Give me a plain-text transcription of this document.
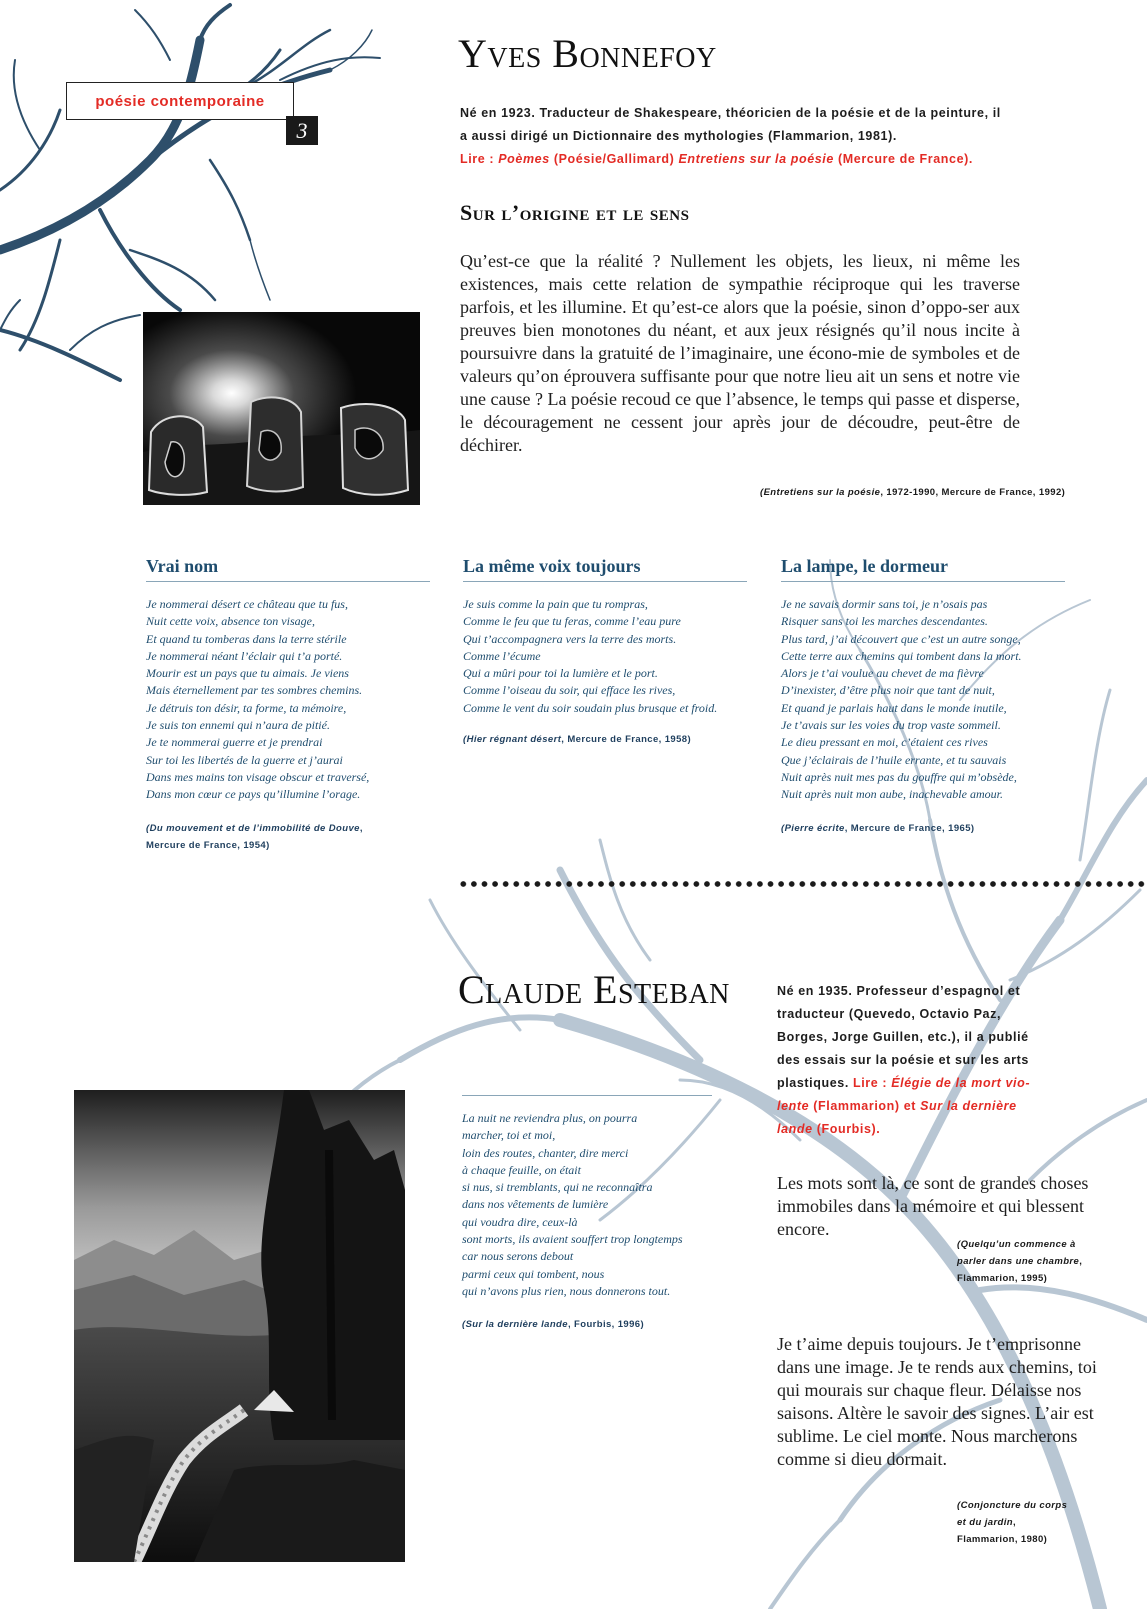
poésie contemporaine
3
Yves Bonnefoy
Né en 1923. Traducteur de Shakespeare, théoricien de la poésie et de la peinture, il
a aussi dirigé un Dictionnaire des mythologies (Flammarion, 1981).
Lire : Poèmes (Poésie/Gallimard) Entretiens sur la poésie (Mercure de France).
Sur l’origine et le sens
Qu’est-ce que la réalité ? Nullement les objets, les lieux, ni même les existences, mais cette relation de sympathie réciproque qui les traverse parfois, et les illumine. Et qu’est-ce alors que la poésie, sinon d’oppo-ser aux preuves bien monotones du néant, et aux jeux résignés qu’il nous incite à poursuivre dans la gratuité de l’imaginaire, une écono-mie de symboles et de valeurs qu’on éprouvera suffisante pour que notre lieu ait un sens et notre vie une cause ? La poésie recoud ce que l’absence, le temps qui passe et disperse, le découragement ne cessent jour après jour de découdre, peut-être de déchirer.
(Entretiens sur la poésie, 1972-1990, Mercure de France, 1992)
Vrai nom
Je nommerai désert ce château que tu fus,
Nuit cette voix, absence ton visage,
Et quand tu tomberas dans la terre stérile
Je nommerai néant l’éclair qui t’a porté.
Mourir est un pays que tu aimais. Je viens
Mais éternellement par tes sombres chemins.
Je détruis ton désir, ta forme, ta mémoire,
Je suis ton ennemi qui n’aura de pitié.
Je te nommerai guerre et je prendrai
Sur toi les libertés de la guerre et j’aurai
Dans mes mains ton visage obscur et traversé,
Dans mon cœur ce pays qu’illumine l’orage.
(Du mouvement et de l’immobilité de Douve,
Mercure de France, 1954)
La même voix toujours
Je suis comme la pain que tu rompras,
Comme le feu que tu feras, comme l’eau pure
Qui t’accompagnera vers la terre des morts.
Comme l’écume
Qui a mûri pour toi la lumière et le port.
Comme l’oiseau du soir, qui efface les rives,
Comme le vent du soir soudain plus brusque et froid.
(Hier régnant désert, Mercure de France, 1958)
La lampe, le dormeur
Je ne savais dormir sans toi, je n’osais pas
Risquer sans toi les marches descendantes.
Plus tard, j’ai découvert que c’est un autre songe,
Cette terre aux chemins qui tombent dans la mort.
Alors je t’ai voulue au chevet de ma fièvre
D’inexister, d’être plus noir que tant de nuit,
Et quand je parlais haut dans le monde inutile,
Je t’avais sur les voies du trop vaste sommeil.
Le dieu pressant en moi, c’étaient ces rives
Que j’éclairais de l’huile errante, et tu sauvais
Nuit après nuit mes pas du gouffre qui m’obsède,
Nuit après nuit mon aube, inachevable amour.
(Pierre écrite, Mercure de France, 1965)
Claude Esteban	Né en 1935. Professeur d’espagnol et
traducteur (Quevedo, Octavio Paz,
Borges, Jorge Guillen, etc.), il a publié
des essais sur la poésie et sur les arts
plastiques. Lire : Élégie de la mort vio-
lente (Flammarion) et Sur la dernière
lande (Fourbis).
La nuit ne reviendra plus, on pourra
marcher, toi et moi,
loin des routes, chanter, dire merci
à chaque feuille, on était
si nus, si tremblants, qui ne reconnaîtra
dans nos vêtements de lumière
qui voudra dire, ceux-là
sont morts, ils avaient souffert trop longtemps
car nous serons debout
parmi ceux qui tombent, nous
qui n’avons plus rien, nous donnerons tout.
(Sur la dernière lande, Fourbis, 1996)
Les mots sont là, ce sont de grandes choses immobiles dans la mémoire et qui blessent encore.
(Quelqu’un commence à
parler dans une chambre,
Flammarion, 1995)
Je t’aime depuis toujours. Je t’emprisonne dans une image. Je te rends aux chemins, toi qui mourais sur chaque fleur. Délaisse nos saisons. Altère le savoir des signes. L’air est sublime. Le ciel monte. Nous marcherons comme si dieu dormait.
(Conjoncture du corps
et du jardin,
Flammarion, 1980)
